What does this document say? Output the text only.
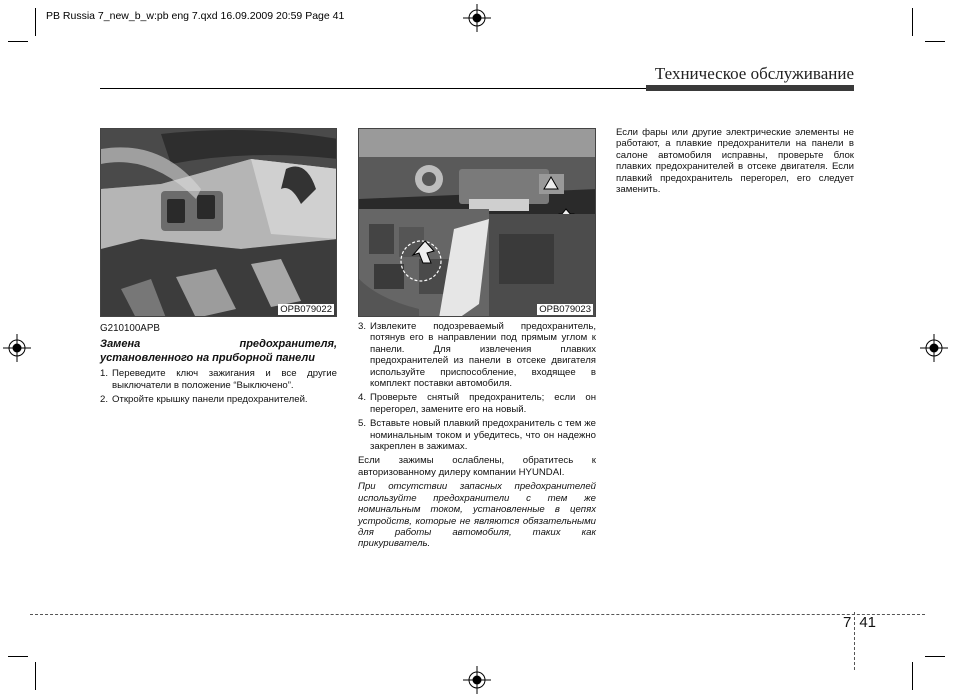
PB Russia 7_new_b_w:pb eng 7.qxd 16.09.2009 20:59 Page 41
Техническое обслуживание
OPB079022	OPB079023
G210100APB
Замена предохранителя, установленного на приборной панели
1. Переведите ключ зажигания и все другие выключатели в положение “Выключено”.
2. Откройте крышку панели предохранителей.
3. Извлеките подозреваемый предохранитель, потянув его в направлении под прямым углом к панели. Для извлечения плавких предохранителей из панели в отсеке двигателя используйте приспособление, входящее в комплект поставки автомобиля.
4. Проверьте снятый предохранитель; если он перегорел, замените его на новый.
5. Вставьте новый плавкий предохранитель с тем же номинальным током и убедитесь, что он надежно закреплен в зажимах.

Если зажимы ослаблены, обратитесь к авторизованному дилеру компании HYUNDAI.

При отсутствии запасных предохранителей используйте предохранители с тем же номинальным током, установленные в цепях устройств, которые не являются обязательными для работы автомобиля, таких как прикуриватель.

Если фары или другие электрические элементы не работают, а плавкие предохранители на панели в салоне автомобиля исправны, проверьте блок плавких предохранителей в отсеке двигателя. Если плавкий предохранитель перегорел, его следует заменить.

7 41
